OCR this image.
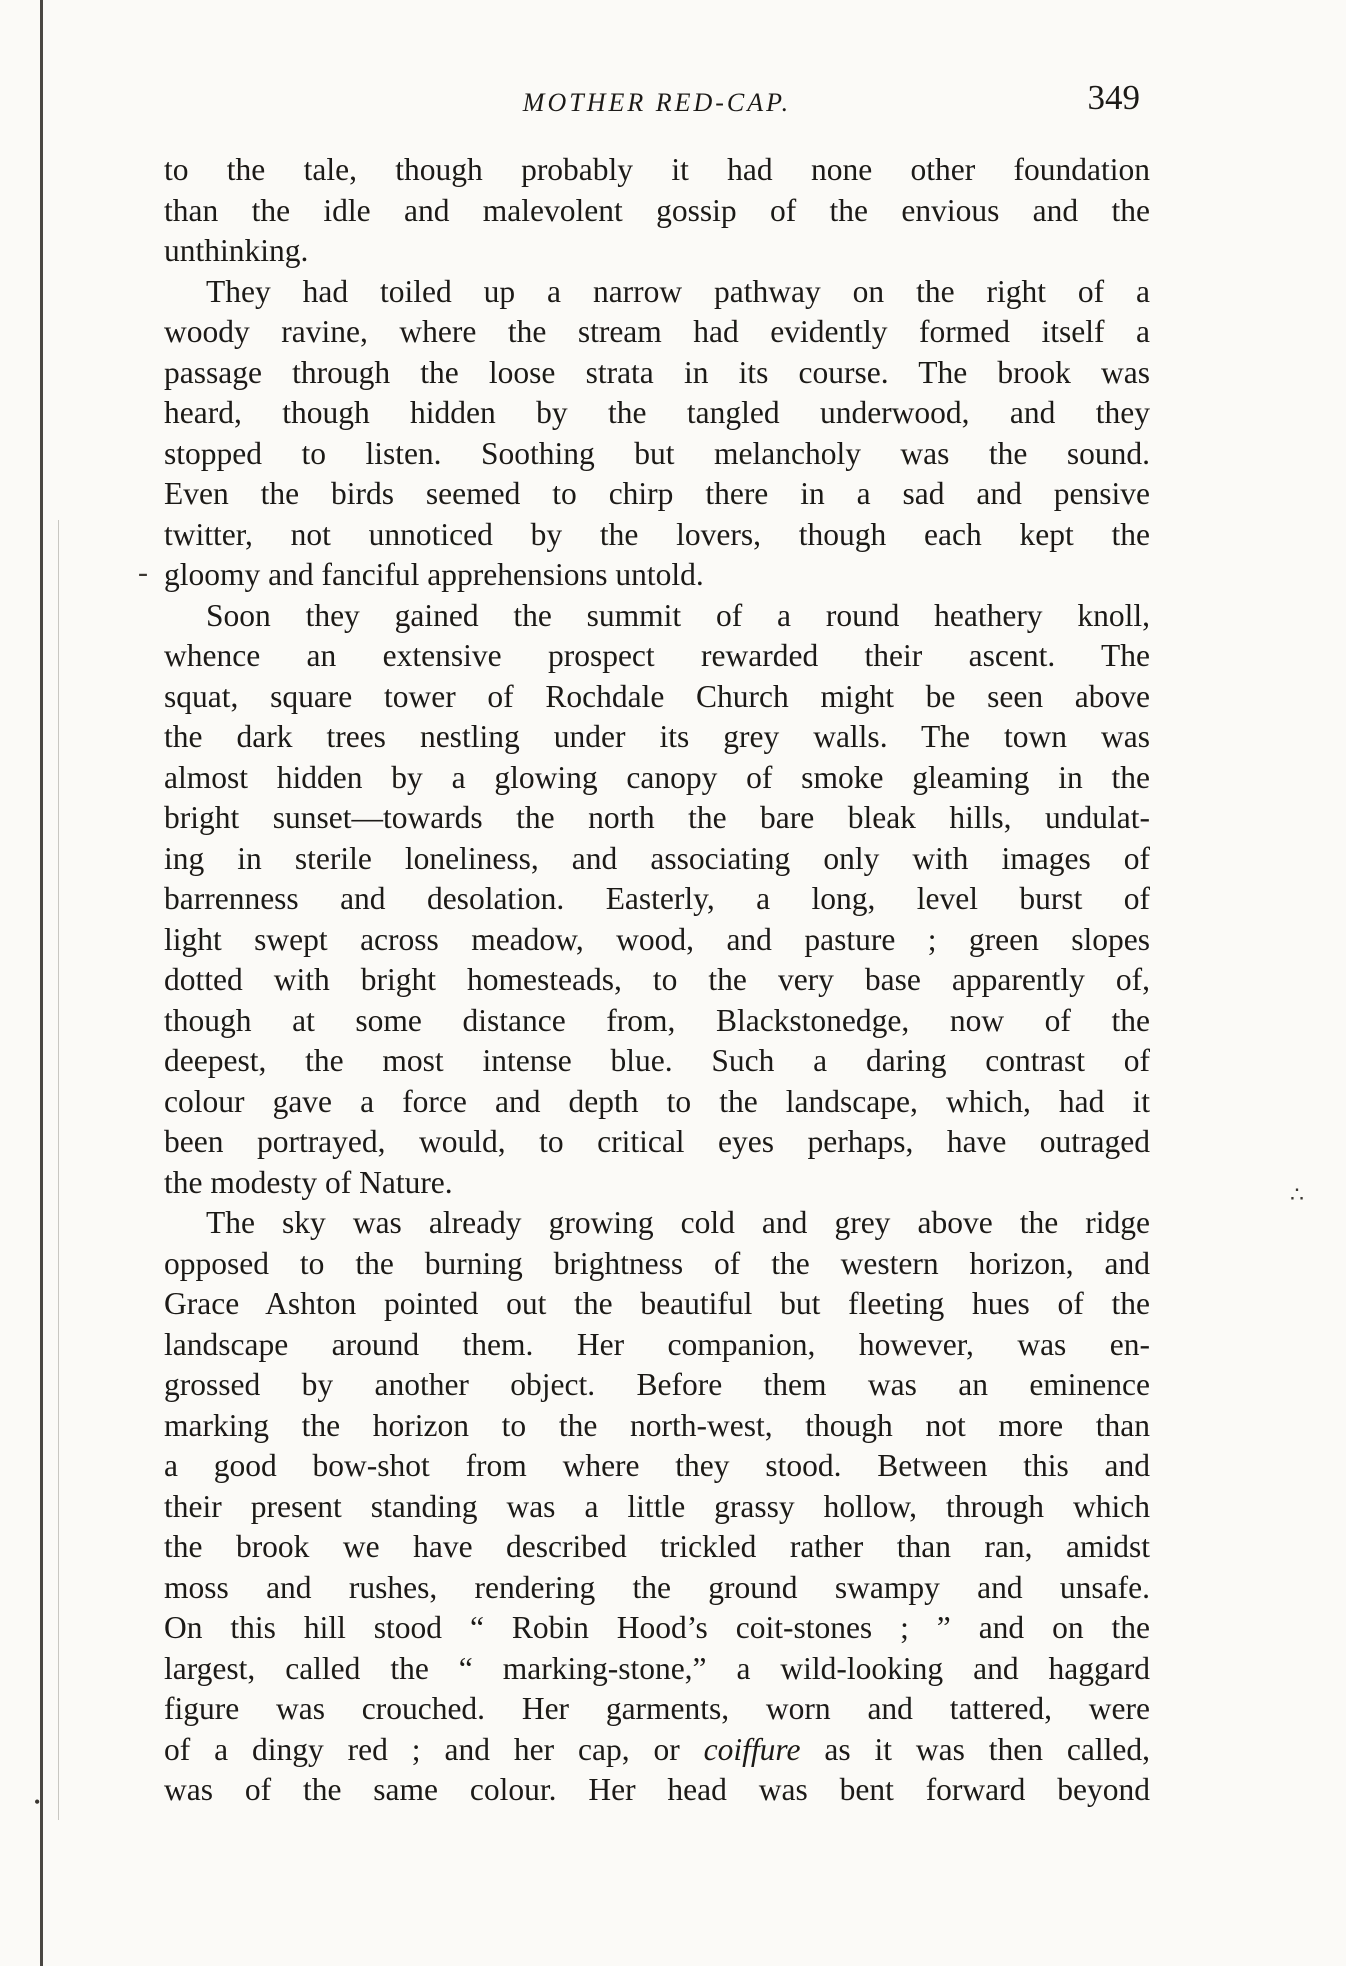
MOTHER RED-CAP.	349
to the tale, though probably it had none other foundation
than the idle and malevolent gossip of the envious and the
unthinking.
They had toiled up a narrow pathway on the right of a
woody ravine, where the stream had evidently formed itself a
passage through the loose strata in its course. The brook was
heard, though hidden by the tangled underwood, and they
stopped to listen. Soothing but melancholy was the sound.
Even the birds seemed to chirp there in a sad and pensive
twitter, not unnoticed by the lovers, though each kept the
gloomy and fanciful apprehensions untold.
Soon they gained the summit of a round heathery knoll,
whence an extensive prospect rewarded their ascent. The
squat, square tower of Rochdale Church might be seen above
the dark trees nestling under its grey walls. The town was
almost hidden by a glowing canopy of smoke gleaming in the
bright sunset—towards the north the bare bleak hills, undulat-
ing in sterile loneliness, and associating only with images of
barrenness and desolation. Easterly, a long, level burst of
light swept across meadow, wood, and pasture ; green slopes
dotted with bright homesteads, to the very base apparently of,
though at some distance from, Blackstonedge, now of the
deepest, the most intense blue. Such a daring contrast of
colour gave a force and depth to the landscape, which, had it
been portrayed, would, to critical eyes perhaps, have outraged
the modesty of Nature.
The sky was already growing cold and grey above the ridge
opposed to the burning brightness of the western horizon, and
Grace Ashton pointed out the beautiful but fleeting hues of the
landscape around them. Her companion, however, was en-
grossed by another object. Before them was an eminence
marking the horizon to the north-west, though not more than
a good bow-shot from where they stood. Between this and
their present standing was a little grassy hollow, through which
the brook we have described trickled rather than ran, amidst
moss and rushes, rendering the ground swampy and unsafe.
On this hill stood “ Robin Hood’s coit-stones ; ” and on the
largest, called the “ marking-stone,” a wild-looking and haggard
figure was crouched. Her garments, worn and tattered, were
of a dingy red ; and her cap, or coiffure as it was then called,
was of the same colour. Her head was bent forward beyond
-
∴
•
